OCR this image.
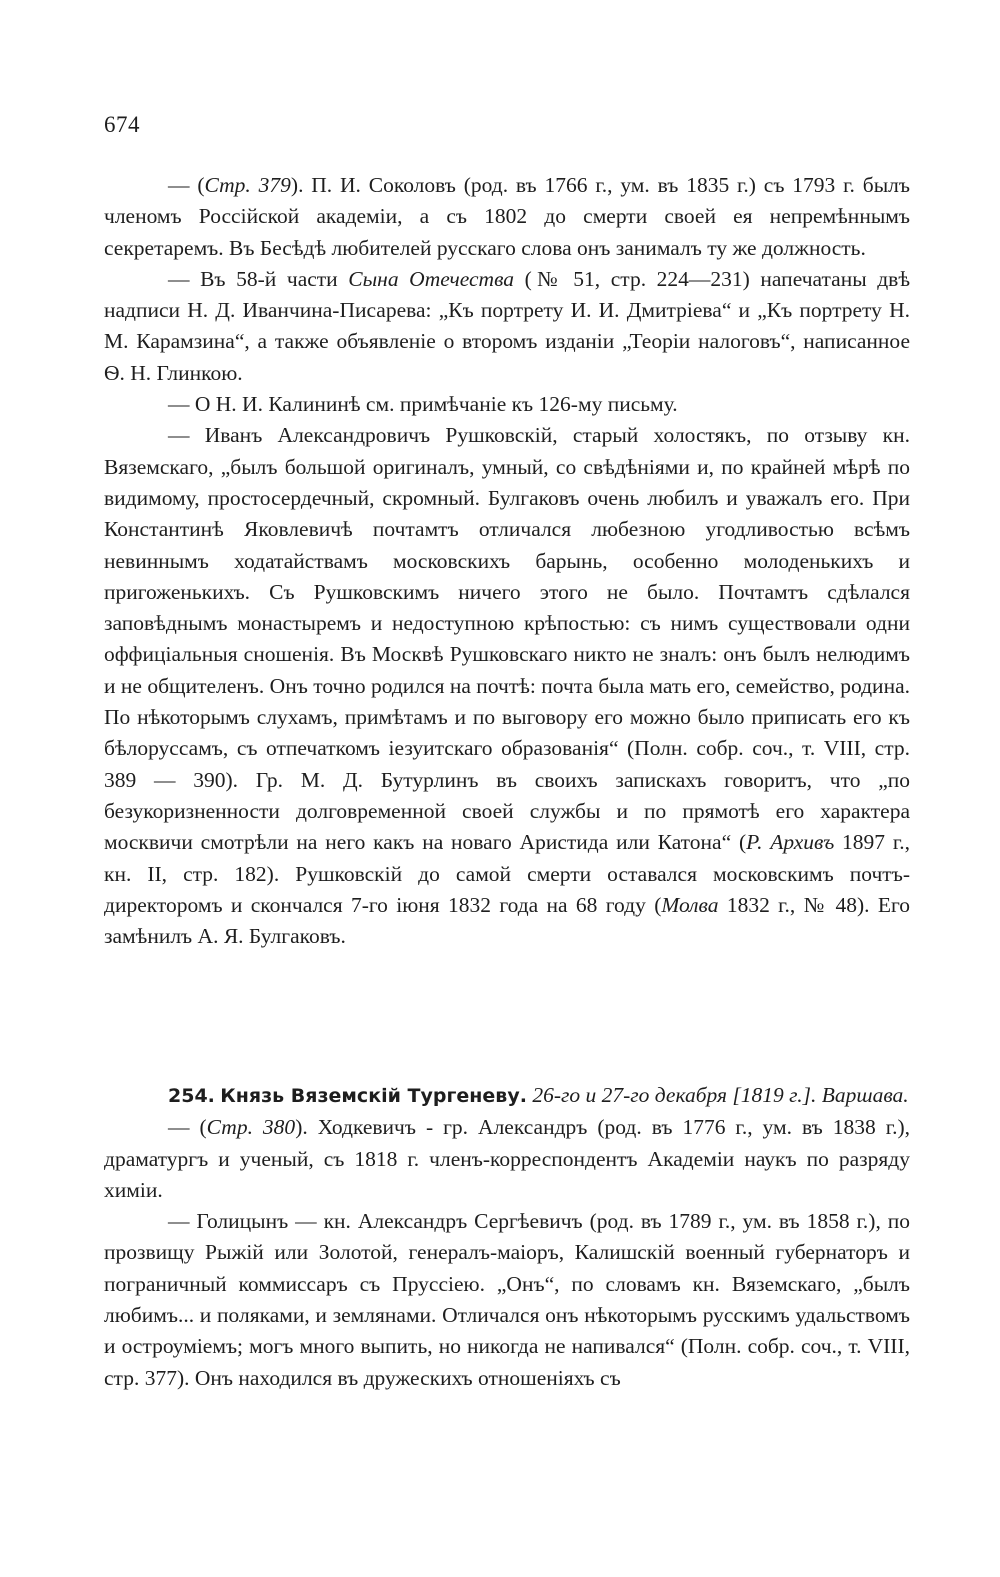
674

— (Стр. 379). П. И. Соколовъ (род. въ 1766 г., ум. въ 1835 г.) съ 1793 г. былъ членомъ Россійской академіи, а съ 1802 до смерти своей ея непремѣннымъ секретаремъ. Въ Бесѣдѣ любителей русскаго слова онъ занималъ ту же должность.

— Въ 58-й части Сына Отечества (№ 51, стр. 224—231) напечатаны двѣ надписи Н. Д. Иванчина-Писарева: „Къ портрету И. И. Дмитріева“ и „Къ портрету Н. М. Карамзина“, а также объявленіе о второмъ изданіи „Теоріи налоговъ“, написанное Ѳ. Н. Глинкою.

— О Н. И. Калининѣ см. примѣчаніе къ 126-му письму.

— Иванъ Александровичъ Рушковскій, старый холостякъ, по отзыву кн. Вяземскаго, „былъ большой оригиналъ, умный, со свѣдѣніями и, по крайней мѣрѣ по видимому, простосердечный, скромный. Булгаковъ очень любилъ и уважалъ его. При Константинѣ Яковлевичѣ почтамтъ отличался любезною угодливостью всѣмъ невиннымъ ходатайствамъ московскихъ барынь, особенно молоденькихъ и пригоженькихъ. Съ Рушковскимъ ничего этого не было. Почтамтъ сдѣлался заповѣднымъ монастыремъ и недоступною крѣпостью: съ нимъ существовали одни оффиціальныя сношенія. Въ Москвѣ Рушковскаго никто не зналъ: онъ былъ нелюдимъ и не общителенъ. Онъ точно родился на почтѣ: почта была мать его, семейство, родина. По нѣкоторымъ слухамъ, примѣтамъ и по выговору его можно было приписать его къ бѣлоруссамъ, съ отпечаткомъ іезуитскаго образованія“ (Полн. собр. соч., т. VIII, стр. 389 — 390). Гр. М. Д. Бутурлинъ въ своихъ запискахъ говоритъ, что „по безукоризненности долговременной своей службы и по прямотѣ его характера москвичи смотрѣли на него какъ на новаго Аристида или Катона“ (Р. Архивъ 1897 г., кн. II, стр. 182). Рушковскій до самой смерти оставался московскимъ почтъ-директоромъ и скончался 7-го іюня 1832 года на 68 году (Молва 1832 г., № 48). Его замѣнилъ А. Я. Булгаковъ.

254. Князь Вяземскій Тургеневу. 26-го и 27-го декабря [1819 г.]. Варшава.

— (Стр. 380). Ходкевичъ - гр. Александръ (род. въ 1776 г., ум. въ 1838 г.), драматургъ и ученый, съ 1818 г. членъ-корреспондентъ Академіи наукъ по разряду химіи.

— Голицынъ — кн. Александръ Сергѣевичъ (род. въ 1789 г., ум. въ 1858 г.), по прозвищу Рыжій или Золотой, генералъ-маіоръ, Калишскій военный губернаторъ и пограничный коммиссаръ съ Пруссіею. „Онъ“, по словамъ кн. Вяземскаго, „былъ любимъ... и поляками, и землянами. Отличался онъ нѣкоторымъ русскимъ удальствомъ и остроуміемъ; могъ много выпить, но никогда не напивался“ (Полн. собр. соч., т. VIII, стр. 377). Онъ находился въ дружескихъ отношеніяхъ съ
